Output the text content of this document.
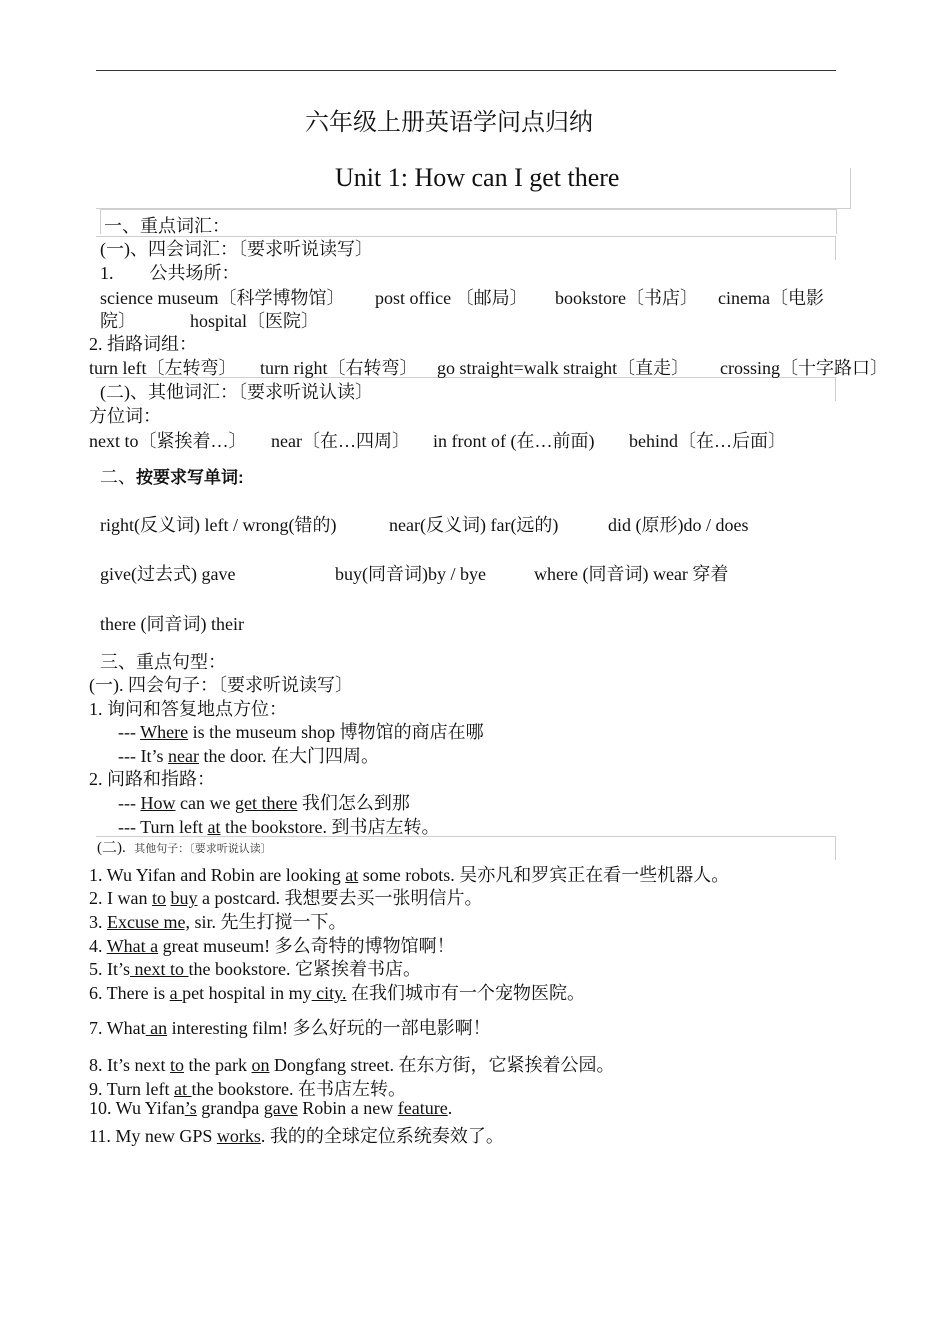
六年级上册英语学问点归纳
Unit 1: How can I get there
一、重点词汇：
(一)、四会词汇：〔要求听说读写〕
1.　　公共场所：
science museum〔科学博物馆〕 post office 〔邮局〕 bookstore〔书店〕 cinema〔电影
院〕	hospital〔医院〕
2. 指路词组：
turn left〔左转弯〕 turn right〔右转弯〕 go straight=walk straight〔直走〕 crossing〔十字路口〕
(二)、其他词汇：〔要求听说认读〕
方位词：
next to〔紧挨着…〕 near〔在…四周〕 in front of (在…前面) behind〔在…后面〕
二、按要求写单词:
right(反义词) left / wrong(错的)	near(反义词) far(远的)	did (原形)do / does
give(过去式) gave	buy(同音词)by / bye	where (同音词) wear 穿着
there (同音词) their
三、重点句型：
(一). 四会句子：〔要求听说读写〕
1. 询问和答复地点方位：
--- Where is the museum shop 博物馆的商店在哪
--- It’s near the door. 在大门四周。
2. 问路和指路：
--- How can we get there 我们怎么到那
--- Turn left at the bookstore. 到书店左转。
(二). 其他句子：〔要求听说认读〕
1. Wu Yifan and Robin are looking at some robots. 吴亦凡和罗宾正在看一些机器人。
2. I wan to buy a postcard. 我想要去买一张明信片。
3. Excuse me, sir. 先生打搅一下。
4. What a great museum! 多么奇特的博物馆啊！
5. It’s next to the bookstore. 它紧挨着书店。
6. There is a pet hospital in my city. 在我们城市有一个宠物医院。
7. What an interesting film! 多么好玩的一部电影啊！
8. It’s next to the park on Dongfang street. 在东方街，它紧挨着公园。
9. Turn left at the bookstore. 在书店左转。
10. Wu Yifan’s grandpa gave Robin a new feature.
11. My new GPS works. 我的的全球定位系统奏效了。
